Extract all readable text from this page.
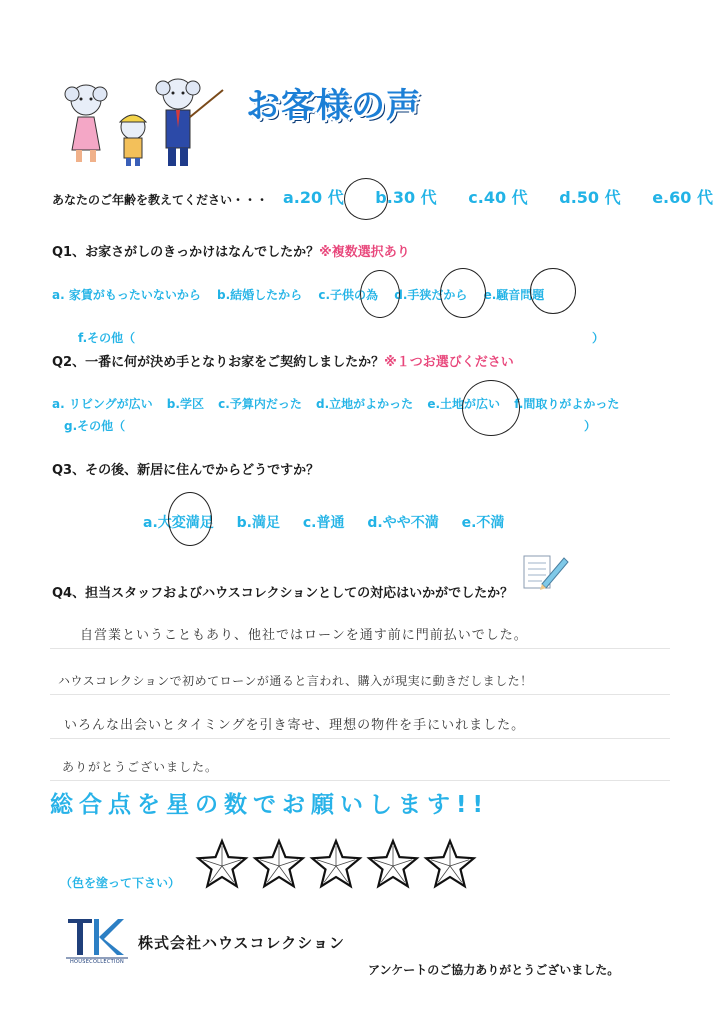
お客様の声
あなたのご年齢を教えてください・・・ a.20 代 b.30 代 c.40 代 d.50 代 e.60 代
Q1、お家さがしのきっかけはなんでしたか？※複数選択あり
a. 家賃がもったいないから b.結婚したから c.子供の為 d.手狭だから e.騒音問題
f.その他（	）
Q2、一番に何が決め手となりお家をご契約しましたか？※１つお選びください
a. リビングが広い b.学区 c.予算内だった d.立地がよかった e.土地が広い f.間取りがよかった
g.その他（	）
Q3、その後、新居に住んでからどうですか？
a.大変満足 b.満足 c.普通 d.やや不満 e.不満
Q4、担当スタッフおよびハウスコレクションとしての対応はいかがでしたか？
自営業ということもあり、他社ではローンを通す前に門前払いでした。
ハウスコレクションで初めてローンが通ると言われ、購入が現実に動きだしました！
いろんな出会いとタイミングを引き寄せ、理想の物件を手にいれました。
ありがとうございました。
総合点を星の数でお願いします!!
（色を塗って下さい）
HOUSECOLLECTION
株式会社ハウスコレクション
アンケートのご協力ありがとうございました。
